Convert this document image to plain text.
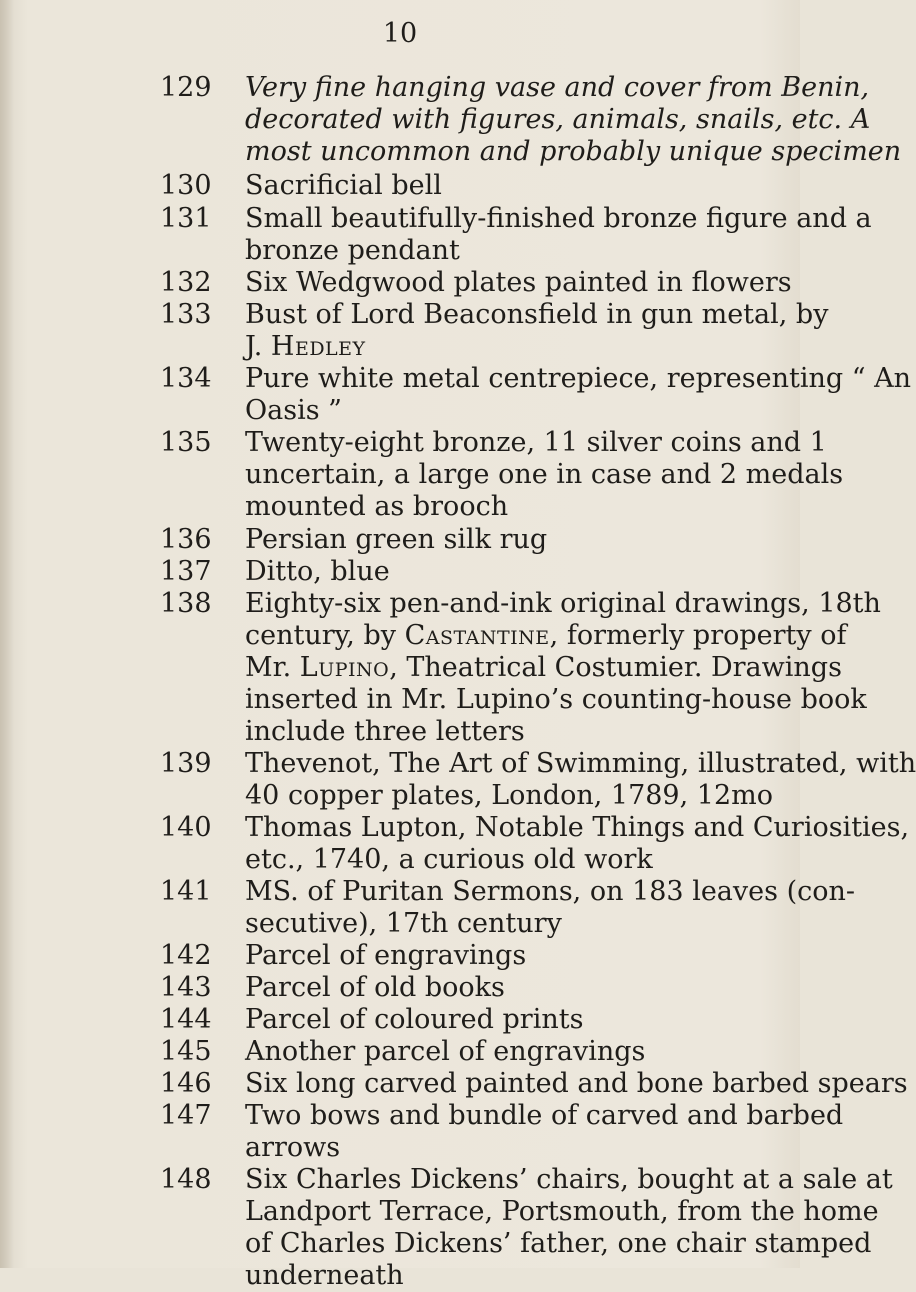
10
129	Very fine hanging vase and cover from Benin,
decorated with figures, animals, snails, etc. A
most uncommon and probably unique specimen
130	Sacrificial bell
131	Small beautifully-finished bronze figure and a
bronze pendant
132	Six Wedgwood plates painted in flowers
133	Bust of Lord Beaconsfield in gun metal, by
J. Hedley
134	Pure white metal centrepiece, representing “ An
Oasis ”
135	Twenty-eight bronze, 11 silver coins and 1
uncertain, a large one in case and 2 medals
mounted as brooch
136	Persian green silk rug
137	Ditto, blue
138	Eighty-six pen-and-ink original drawings, 18th
century, by Castantine, formerly property of
Mr. Lupino, Theatrical Costumier. Drawings
inserted in Mr. Lupino’s counting-house book
include three letters
139	Thevenot, The Art of Swimming, illustrated, with
40 copper plates, London, 1789, 12mo
140	Thomas Lupton, Notable Things and Curiosities,
etc., 1740, a curious old work
141	MS. of Puritan Sermons, on 183 leaves (con-
secutive), 17th century
142	Parcel of engravings
143	Parcel of old books
144	Parcel of coloured prints
145	Another parcel of engravings
146	Six long carved painted and bone barbed spears
147	Two bows and bundle of carved and barbed
arrows
148	Six Charles Dickens’ chairs, bought at a sale at
Landport Terrace, Portsmouth, from the home
of Charles Dickens’ father, one chair stamped
underneath
